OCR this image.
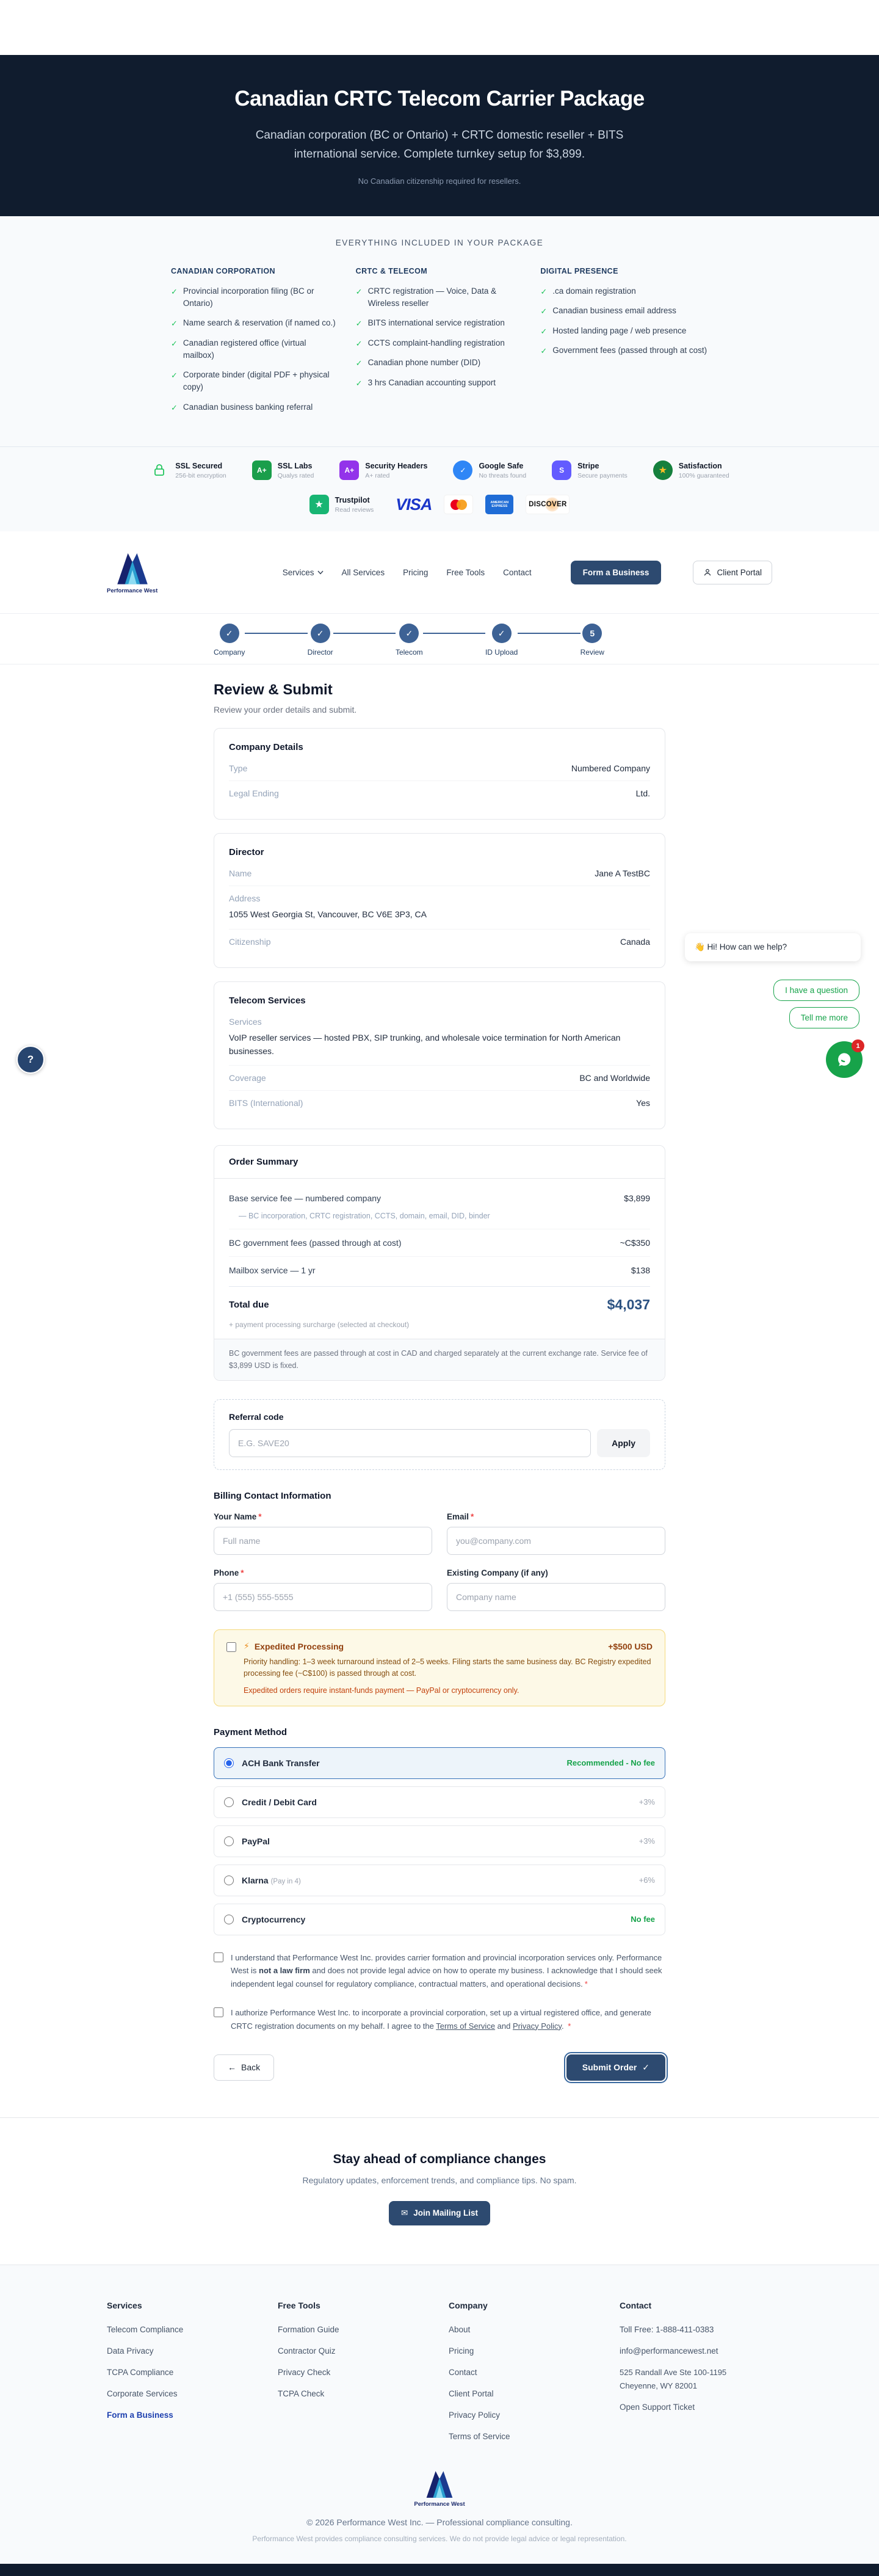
Canadian CRTC Telecom Carrier Package

Canadian corporation (BC or Ontario) + CRTC domestic reseller + BITS international service. Complete turnkey setup for $3,899.

No Canadian citizenship required for resellers.

EVERYTHING INCLUDED IN YOUR PACKAGE

CANADIAN CORPORATION
✓ Provincial incorporation filing (BC or Ontario)
✓ Name search & reservation (if named co.)
✓ Canadian registered office (virtual mailbox)
✓ Corporate binder (digital PDF + physical copy)
✓ Canadian business banking referral
CRTC & TELECOM
✓ CRTC registration — Voice, Data & Wireless reseller
✓ BITS international service registration
✓ CCTS complaint-handling registration
✓ Canadian phone number (DID)
✓ 3 hrs Canadian accounting support
DIGITAL PRESENCE
✓ .ca domain registration
✓ Canadian business email address
✓ Hosted landing page / web presence
✓ Government fees (passed through at cost)
SSL Secured
256-bit encryption
A+
SSL Labs
Qualys rated
A+
Security Headers
A+ rated
✓
Google Safe
No threats found
S
Stripe
Secure payments	★	Satisfaction
100% guaranteed
★	Trustpilot
Read reviews VISA	AMERICAN EXPRESS	DISCOVER
Performance West
Services	All Services Pricing Free Tools Contact	Form a Business	Client Portal
✓
Company
✓
Director
✓
Telecom
✓
ID Upload
5
Review
Review & Submit

Review your order details and submit.

Company Details
Type	Numbered Company
Legal Ending	Ltd.
Director
Name	Jane A TestBC
Address
1055 West Georgia St, Vancouver, BC V6E 3P3, CA
Citizenship	Canada
Telecom Services
Services
VoIP reseller services — hosted PBX, SIP trunking, and wholesale voice termination for North American businesses.
Coverage	BC and Worldwide
BITS (International)	Yes
Order Summary
Base service fee — numbered company	$3,899
— BC incorporation, CRTC registration, CCTS, domain, email, DID, binder
BC government fees (passed through at cost)	~C$350
Mailbox service — 1 yr	$138
Total due	$4,037
+ payment processing surcharge (selected at checkout)
BC government fees are passed through at cost in CAD and charged separately at the current exchange rate. Service fee of $3,899 USD is fixed.
Referral code
E.G. SAVE20
Apply
Billing Contact Information
Your Name *
Full name	Email *
you@company.com
Phone *
+1 (555) 555-5555	Existing Company (if any)
Company name
⚡ Expedited Processing	+$500 USD

Priority handling: 1–3 week turnaround instead of 2–5 weeks. Filing starts the same business day. BC Registry expedited processing fee (~C$100) is passed through at cost.

Expedited orders require instant-funds payment — PayPal or cryptocurrency only.

Payment Method
ACH Bank Transfer	Recommended - No fee
Credit / Debit Card	+3%
PayPal	+3%
Klarna (Pay in 4)	+6%
Cryptocurrency	No fee

I understand that Performance West Inc. provides carrier formation and provincial incorporation services only. Performance West is not a law firm and does not provide legal advice on how to operate my business. I acknowledge that I should seek independent legal counsel for regulatory compliance, contractual matters, and operational decisions. *

I authorize Performance West Inc. to incorporate a provincial corporation, set up a virtual registered office, and generate CRTC registration documents on my behalf. I agree to the Terms of Service and Privacy Policy. *

← Back	Submit Order ✓
Stay ahead of compliance changes

Regulatory updates, enforcement trends, and compliance tips. No spam.

✉ Join Mailing List
Services
Telecom Compliance
Data Privacy
TCPA Compliance
Corporate Services
Form a Business
Free Tools
Formation Guide
Contractor Quiz
Privacy Check
TCPA Check
Company
About
Pricing
Contact
Client Portal
Privacy Policy
Terms of Service
Contact
Toll Free: 1-888-411-0383
info@performancewest.net
525 Randall Ave Ste 100-1195
Cheyenne, WY 82001
Open Support Ticket
Performance West
© 2026 Performance West Inc. — Professional compliance consulting.
Performance West provides compliance consulting services. We do not provide legal advice or legal representation.
👋 Hi! How can we help?
I have a question
Tell me more
1
?
